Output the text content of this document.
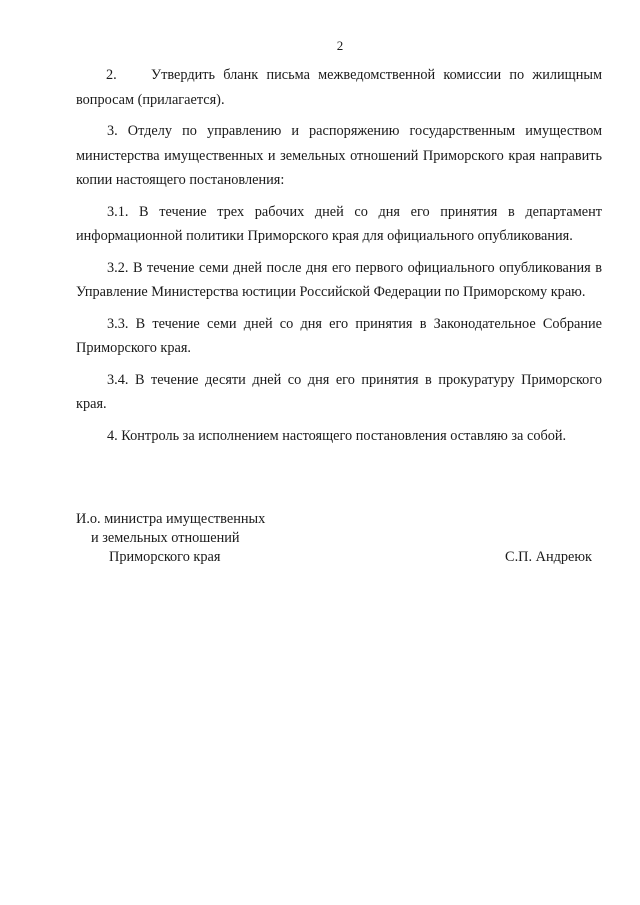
2

2. Утвердить бланк письма межведомственной комиссии по жилищным вопросам (прилагается).

3. Отделу по управлению и распоряжению государственным имуществом министерства имущественных и земельных отношений Приморского края направить копии настоящего постановления:

3.1. В течение трех рабочих дней со дня его принятия в департамент информационной политики Приморского края для официального опубликования.

3.2. В течение семи дней после дня его первого официального опубликования в Управление Министерства юстиции Российской Федерации по Приморскому краю.

3.3. В течение семи дней со дня его принятия в Законодательное Собрание Приморского края.

3.4. В течение десяти дней со дня его принятия в прокуратуру Приморского края.

4. Контроль за исполнением настоящего постановления оставляю за собой.

И.о. министра имущественных
и земельных отношений
Приморского края	С.П. Андреюк
